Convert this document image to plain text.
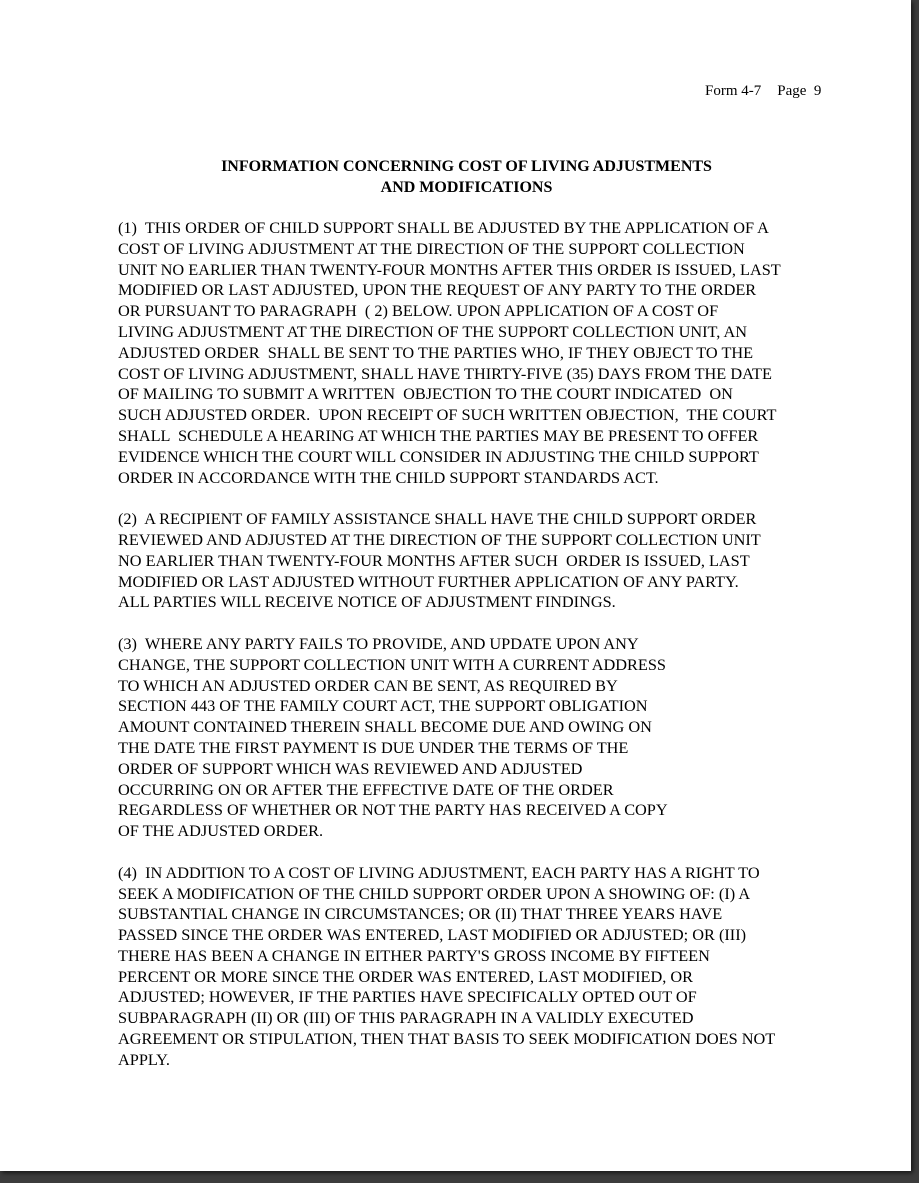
Form 4-7 Page  9
INFORMATION CONCERNING COST OF LIVING ADJUSTMENTS
AND MODIFICATIONS
(1)  THIS ORDER OF CHILD SUPPORT SHALL BE ADJUSTED BY THE APPLICATION OF A
COST OF LIVING ADJUSTMENT AT THE DIRECTION OF THE SUPPORT COLLECTION
UNIT NO EARLIER THAN TWENTY-FOUR MONTHS AFTER THIS ORDER IS ISSUED, LAST
MODIFIED OR LAST ADJUSTED, UPON THE REQUEST OF ANY PARTY TO THE ORDER
OR PURSUANT TO PARAGRAPH  ( 2) BELOW. UPON APPLICATION OF A COST OF
LIVING ADJUSTMENT AT THE DIRECTION OF THE SUPPORT COLLECTION UNIT, AN
ADJUSTED ORDER  SHALL BE SENT TO THE PARTIES WHO, IF THEY OBJECT TO THE
COST OF LIVING ADJUSTMENT, SHALL HAVE THIRTY-FIVE (35) DAYS FROM THE DATE
OF MAILING TO SUBMIT A WRITTEN  OBJECTION TO THE COURT INDICATED  ON
SUCH ADJUSTED ORDER.  UPON RECEIPT OF SUCH WRITTEN OBJECTION,  THE COURT
SHALL  SCHEDULE A HEARING AT WHICH THE PARTIES MAY BE PRESENT TO OFFER
EVIDENCE WHICH THE COURT WILL CONSIDER IN ADJUSTING THE CHILD SUPPORT
ORDER IN ACCORDANCE WITH THE CHILD SUPPORT STANDARDS ACT.
(2)  A RECIPIENT OF FAMILY ASSISTANCE SHALL HAVE THE CHILD SUPPORT ORDER
REVIEWED AND ADJUSTED AT THE DIRECTION OF THE SUPPORT COLLECTION UNIT
NO EARLIER THAN TWENTY-FOUR MONTHS AFTER SUCH  ORDER IS ISSUED, LAST
MODIFIED OR LAST ADJUSTED WITHOUT FURTHER APPLICATION OF ANY PARTY.
ALL PARTIES WILL RECEIVE NOTICE OF ADJUSTMENT FINDINGS.
(3)  WHERE ANY PARTY FAILS TO PROVIDE, AND UPDATE UPON ANY
CHANGE, THE SUPPORT COLLECTION UNIT WITH A CURRENT ADDRESS
TO WHICH AN ADJUSTED ORDER CAN BE SENT, AS REQUIRED BY
SECTION 443 OF THE FAMILY COURT ACT, THE SUPPORT OBLIGATION
AMOUNT CONTAINED THEREIN SHALL BECOME DUE AND OWING ON
THE DATE THE FIRST PAYMENT IS DUE UNDER THE TERMS OF THE
ORDER OF SUPPORT WHICH WAS REVIEWED AND ADJUSTED
OCCURRING ON OR AFTER THE EFFECTIVE DATE OF THE ORDER
REGARDLESS OF WHETHER OR NOT THE PARTY HAS RECEIVED A COPY
OF THE ADJUSTED ORDER.
(4)  IN ADDITION TO A COST OF LIVING ADJUSTMENT, EACH PARTY HAS A RIGHT TO
SEEK A MODIFICATION OF THE CHILD SUPPORT ORDER UPON A SHOWING OF: (I) A
SUBSTANTIAL CHANGE IN CIRCUMSTANCES; OR (II) THAT THREE YEARS HAVE
PASSED SINCE THE ORDER WAS ENTERED, LAST MODIFIED OR ADJUSTED; OR (III)
THERE HAS BEEN A CHANGE IN EITHER PARTY'S GROSS INCOME BY FIFTEEN
PERCENT OR MORE SINCE THE ORDER WAS ENTERED, LAST MODIFIED, OR
ADJUSTED; HOWEVER, IF THE PARTIES HAVE SPECIFICALLY OPTED OUT OF
SUBPARAGRAPH (II) OR (III) OF THIS PARAGRAPH IN A VALIDLY EXECUTED
AGREEMENT OR STIPULATION, THEN THAT BASIS TO SEEK MODIFICATION DOES NOT
APPLY.
